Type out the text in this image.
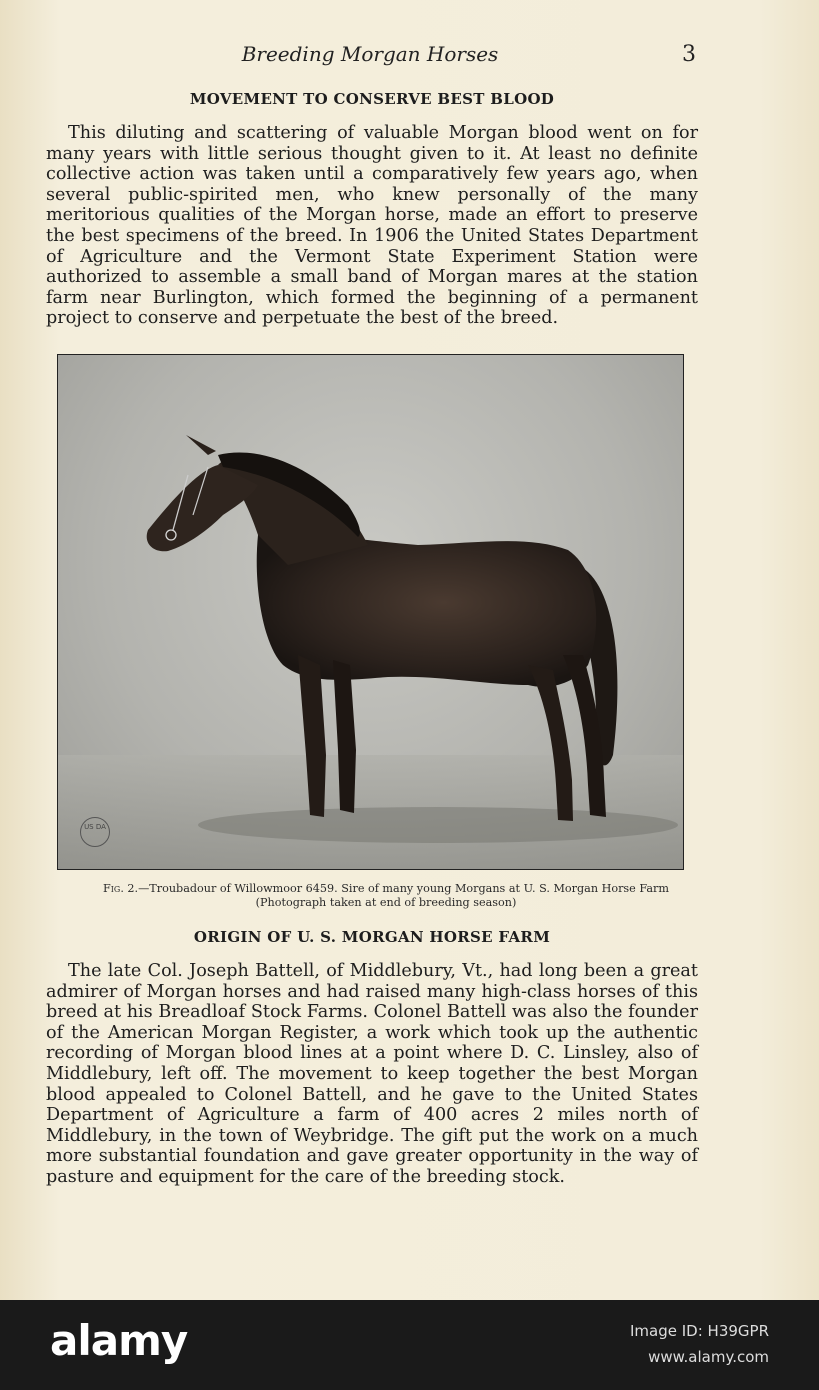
Breeding Morgan Horses	3
MOVEMENT TO CONSERVE BEST BLOOD
This diluting and scattering of valuable Morgan blood went on for many years with little serious thought given to it. At least no definite collective action was taken until a comparatively few years ago, when several public-spirited men, who knew personally of the many meritorious qualities of the Morgan horse, made an effort to preserve the best specimens of the breed. In 1906 the United States Department of Agriculture and the Vermont State Experiment Station were authorized to assemble a small band of Morgan mares at the station farm near Burlington, which formed the beginning of a permanent project to conserve and perpetuate the best of the breed.
US DA
Fig. 2.—Troubadour of Willowmoor 6459. Sire of many young Morgans at U. S. Morgan Horse Farm
(Photograph taken at end of breeding season)
ORIGIN OF U. S. MORGAN HORSE FARM
The late Col. Joseph Battell, of Middlebury, Vt., had long been a great admirer of Morgan horses and had raised many high-class horses of this breed at his Breadloaf Stock Farms. Colonel Battell was also the founder of the American Morgan Register, a work which took up the authentic recording of Morgan blood lines at a point where D. C. Linsley, also of Middlebury, left off. The movement to keep together the best Morgan blood appealed to Colonel Battell, and he gave to the United States Department of Agriculture a farm of 400 acres 2 miles north of Middlebury, in the town of Weybridge. The gift put the work on a much more substantial foundation and gave greater opportunity in the way of pasture and equipment for the care of the breeding stock.
alamy	Image ID: H39GPR
www.alamy.com
